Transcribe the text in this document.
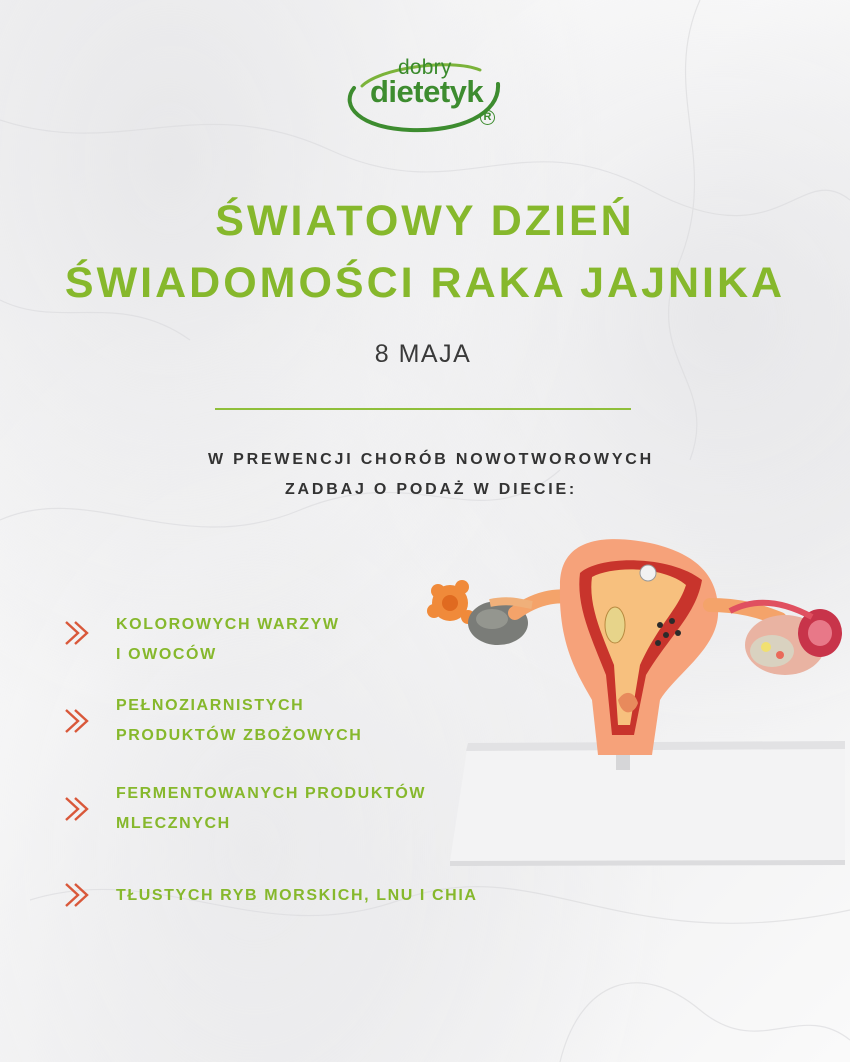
dobry
dietetyk
R
ŚWIATOWY DZIEŃ
ŚWIADOMOŚCI RAKA JAJNIKA
8 MAJA
W PREWENCJI CHORÓB NOWOTWOROWYCH
ZADBAJ O PODAŻ W DIECIE:
KOLOROWYCH WARZYW
I OWOCÓW
PEŁNOZIARNISTYCH
PRODUKTÓW ZBOŻOWYCH
FERMENTOWANYCH PRODUKTÓW
MLECZNYCH
TŁUSTYCH RYB MORSKICH, LNU I CHIA
